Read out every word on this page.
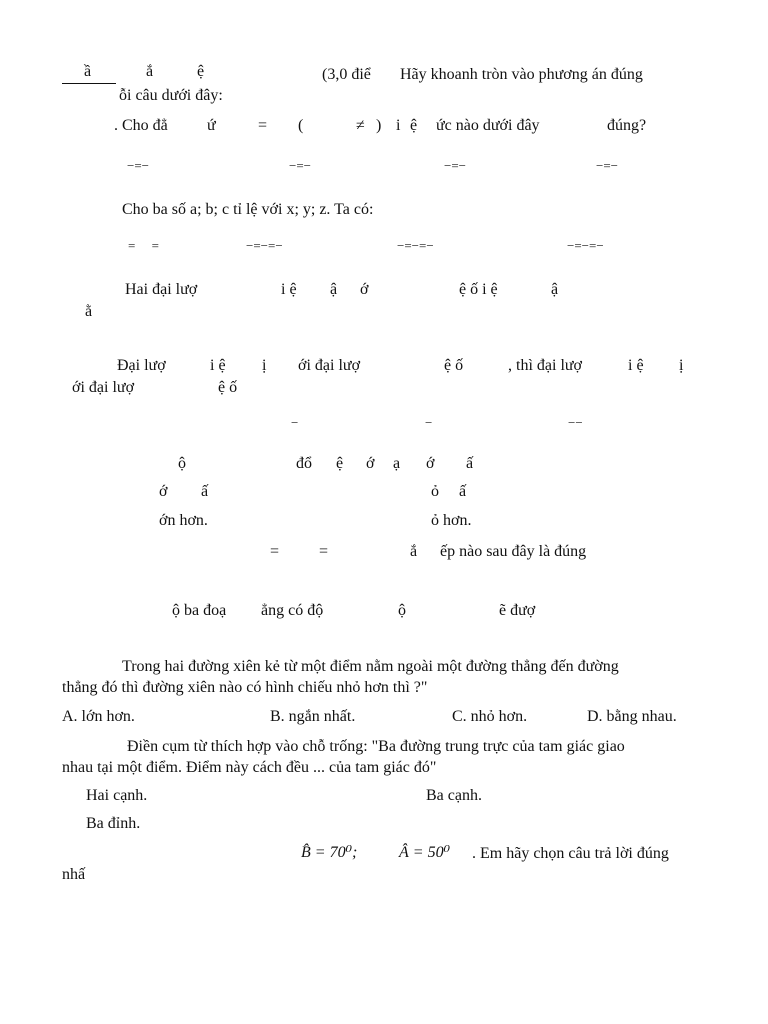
ầ	ắ	ệ	(3,0 điể Hãy khoanh tròn vào phương án đúng
ỗi câu dưới đây:
. Cho đẳ ứ	= (	≠ ) i ệ ức nào dưới đây	đúng?
−=−	−=−	−=−	−=−
Cho ba số a; b; c tỉ lệ với x; y; z. Ta có:
=     =	−=−=−	−=−=−	−=−=−
Hai đại lượ	i ệ ậ ớ	ệ ố i ệ	ậ
ằ
Đại lượ	i ệ ị ới đại lượ	ệ ố	, thì đại lượ	i ệ ị
ới đại lượ	ệ ố
−	−	−−
ộ	đổ ệ ớ ạ ớ ấ
ớ ấ	ỏ ấ
ớn hơn.	ỏ hơn.
= =	ắ ếp nào sau đây là đúng
ộ ba đoạ ẳng có độ	ộ	ẽ đượ
Trong hai đường xiên kẻ từ một điểm nằm ngoài một đường thẳng đến đường
thẳng đó thì đường xiên nào có hình chiếu nhỏ hơn thì ?"
A. lớn hơn.	B. ngắn nhất.	C. nhỏ hơn.	D. bằng nhau.
Điền cụm từ thích hợp vào chỗ trống: "Ba đường trung trực của tam giác giao
nhau tại một điểm. Điểm này cách đều ... của tam giác đó"
Hai cạnh.	Ba cạnh.
Ba đỉnh.
B̂ = 70⁰;	Â = 50⁰ . Em hãy chọn câu trả lời đúng
nhấ
